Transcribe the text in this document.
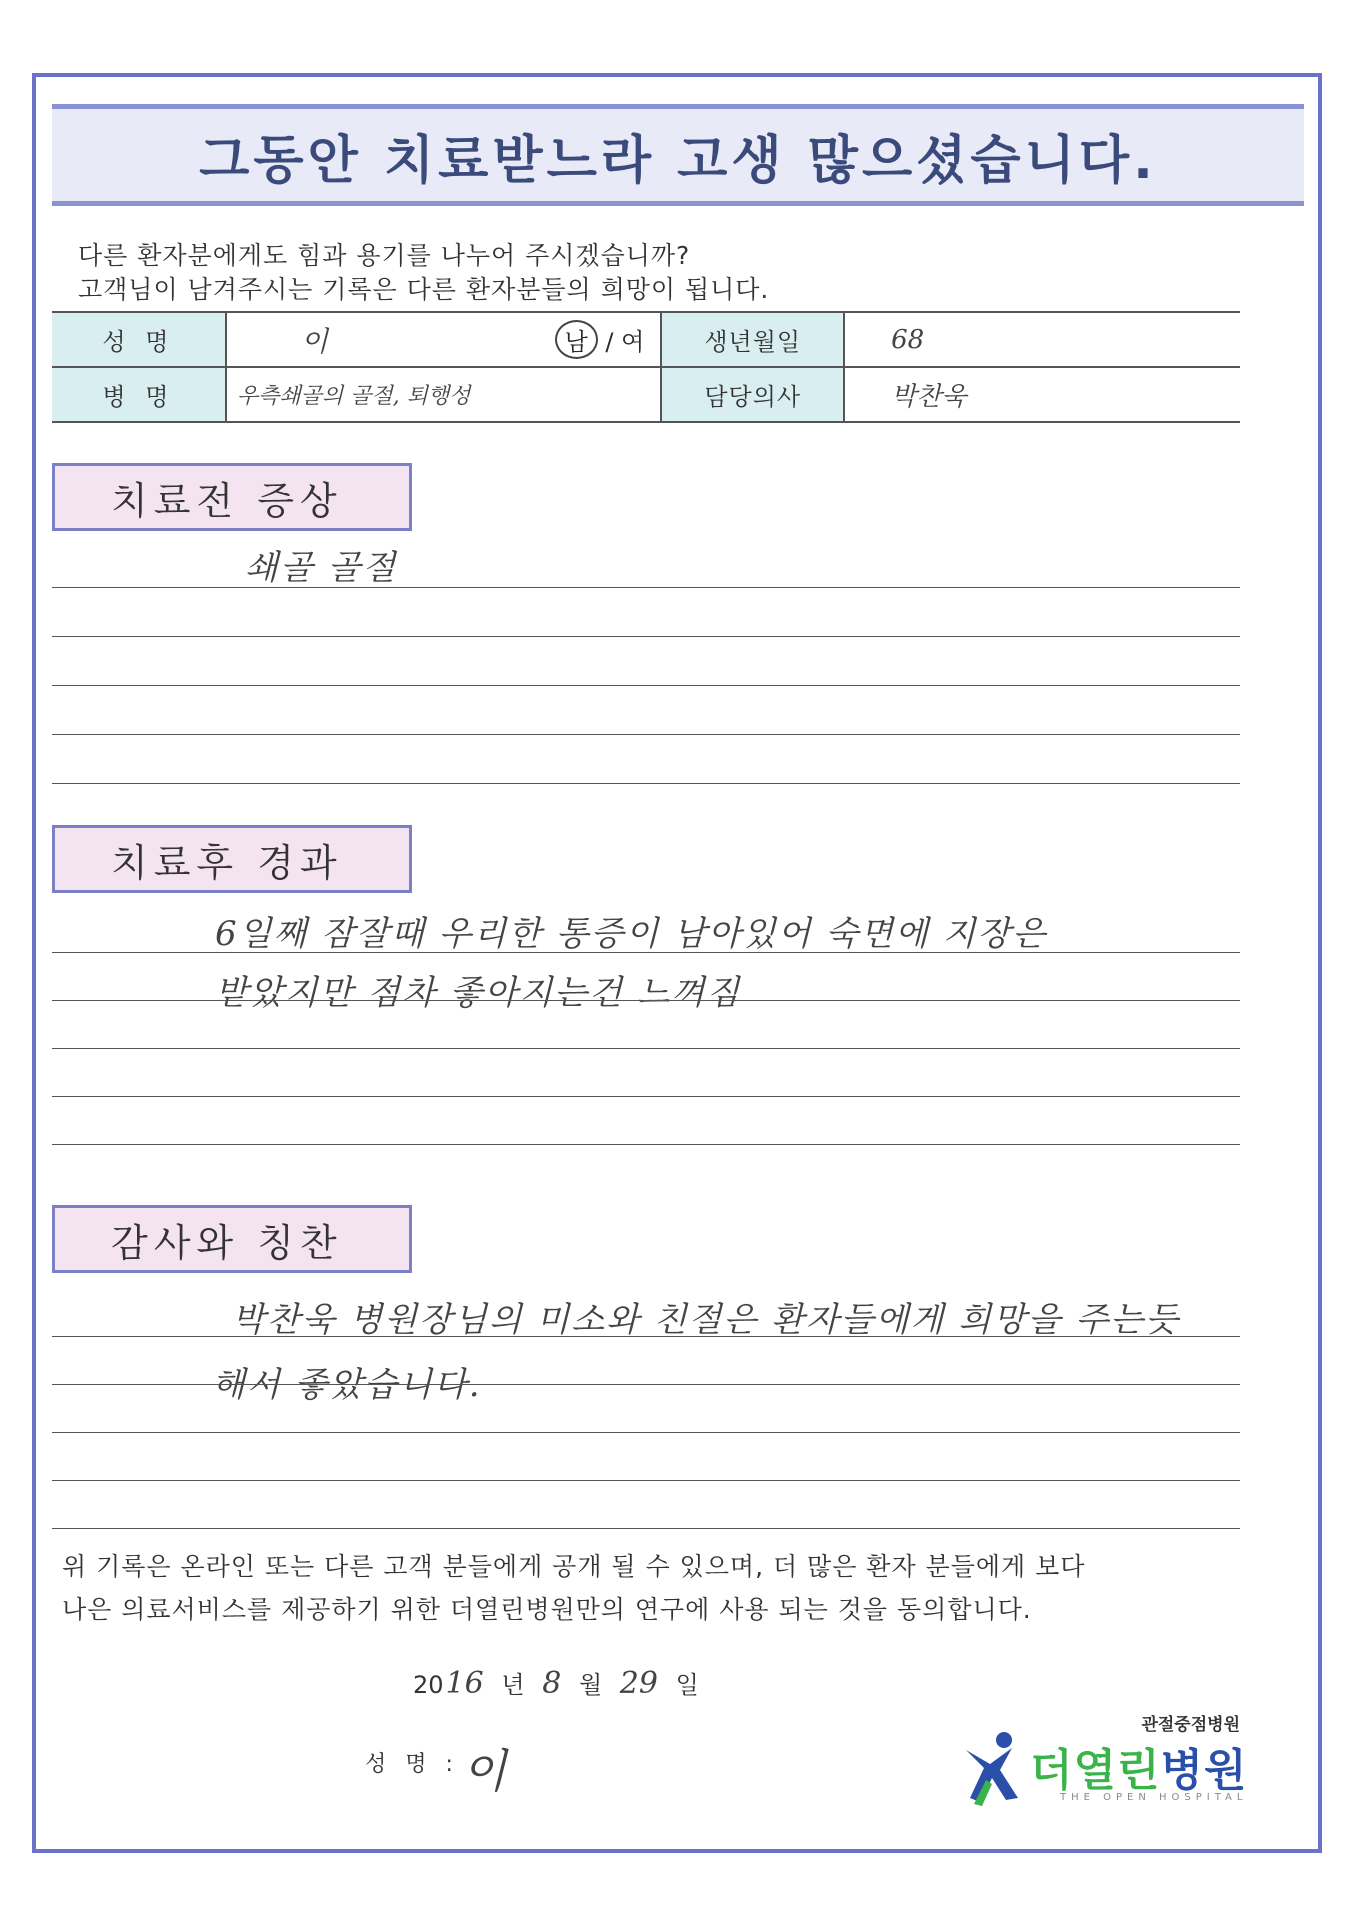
그동안 치료받느라 고생 많으셨습니다.
다른 환자분에게도 힘과 용기를 나누어 주시겠습니까?
고객님이 남겨주시는 기록은 다른 환자분들의 희망이 됩니다.
성 명	이 남 / 여	생년월일	68
병 명	우측쇄골의 골절, 퇴행성	담당의사	박찬욱
치료전 증상
쇄골 골절
치료후 경과
6일째 잠잘때 우리한 통증이 남아있어 숙면에 지장은
받았지만 점차 좋아지는건 느껴짐
감사와 칭찬
박찬욱 병원장님의 미소와 친절은 환자들에게 희망을 주는듯
해서 좋았습니다.
위 기록은 온라인 또는 다른 고객 분들에게 공개 될 수 있으며, 더 많은 환자 분들에게 보다
나은 의료서비스를 제공하기 위한 더열린병원만의 연구에 사용 되는 것을 동의합니다.
2016 년 8 월 29 일
성 명 : 이
관절중점병원
더열린병원
THE OPEN HOSPITAL
